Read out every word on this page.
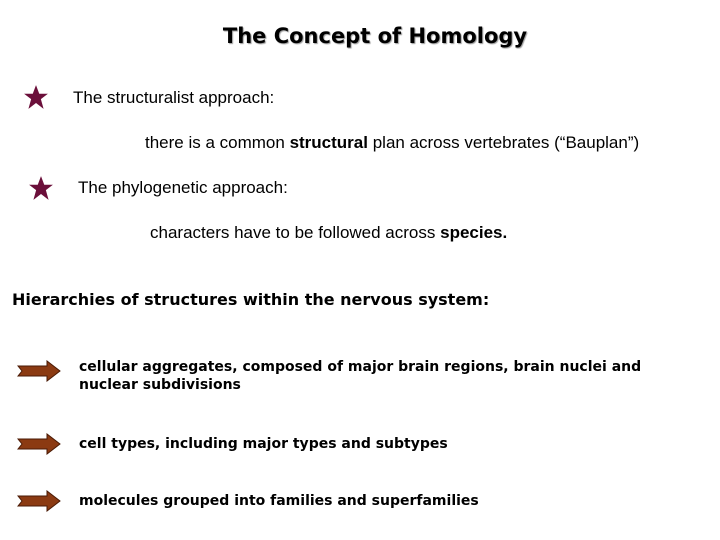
The Concept of Homology
The structuralist approach:
there is a common structural plan across vertebrates (“Bauplan”)
The phylogenetic approach:
characters have to be followed across species.
Hierarchies of structures within the nervous system:
cellular aggregates, composed of major brain regions, brain nuclei and nuclear subdivisions
cell types, including major types and subtypes
molecules grouped into families and superfamilies
